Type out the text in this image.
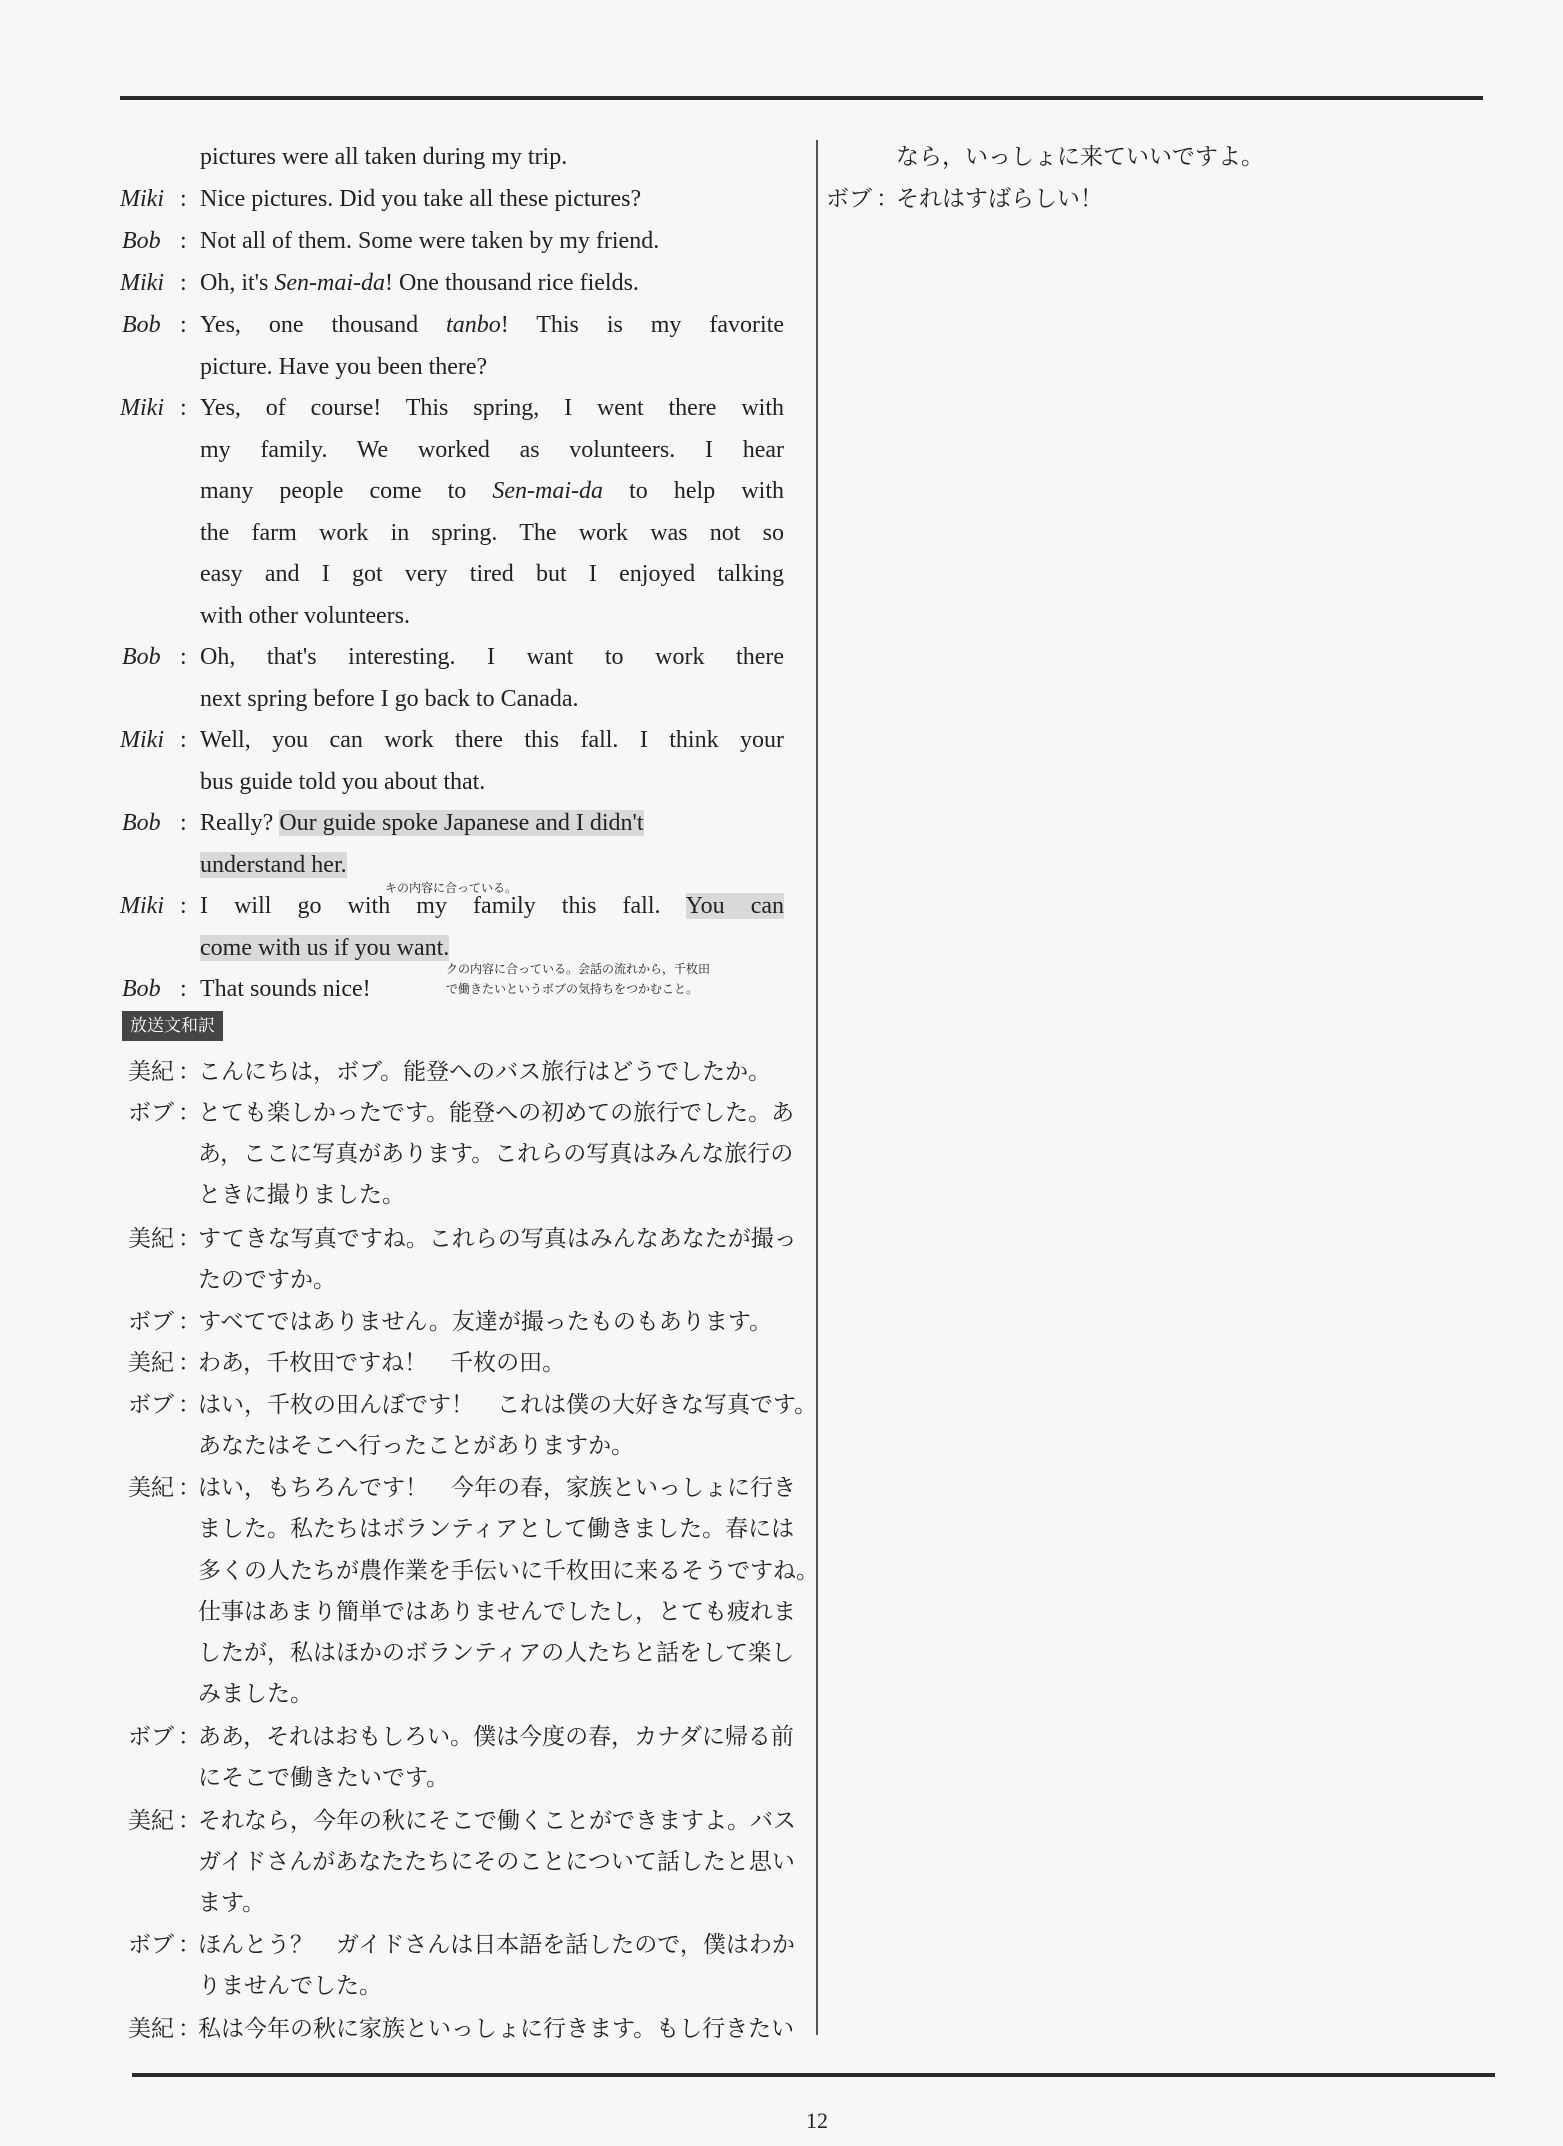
pictures were all taken during my trip.
Miki : Nice pictures. Did you take all these pictures?
Bob : Not all of them. Some were taken by my friend.
Miki : Oh, it's Sen-mai-da! One thousand rice fields.
Bob : Yes, one thousand tanbo! This is my favorite
picture. Have you been there?
Miki : Yes, of course! This spring, I went there with
my family. We worked as volunteers. I hear
many people come to Sen-mai-da to help with
the farm work in spring. The work was not so
easy and I got very tired but I enjoyed talking
with other volunteers.
Bob : Oh, that's interesting. I want to work there
next spring before I go back to Canada.
Miki : Well, you can work there this fall. I think your
bus guide told you about that.
Bob : Really? Our guide spoke Japanese and I didn't
understand her.
キの内容に合っている。
Miki : I will go with my family this fall. You can
come with us if you want.
クの内容に合っている。会話の流れから，千枚田
で働きたいというボブの気持ちをつかむこと。
Bob : That sounds nice!
放送文和訳
美紀 ：
こんにちは，ボブ。能登へのバス旅行はどうでしたか。
ボブ ：
とても楽しかったです。能登への初めての旅行でした。あ
あ，ここに写真があります。これらの写真はみんな旅行の
ときに撮りました。
美紀 ：
すてきな写真ですね。これらの写真はみんなあなたが撮っ
たのですか。
ボブ ：
すべてではありません。友達が撮ったものもあります。
美紀 ：
わあ，千枚田ですね！　千枚の田。
ボブ ：
はい，千枚の田んぼです！　これは僕の大好きな写真です。
あなたはそこへ行ったことがありますか。
美紀 ：
はい，もちろんです！　今年の春，家族といっしょに行き
ました。私たちはボランティアとして働きました。春には
多くの人たちが農作業を手伝いに千枚田に来るそうですね。
仕事はあまり簡単ではありませんでしたし，とても疲れま
したが，私はほかのボランティアの人たちと話をして楽し
みました。
ボブ ：
ああ，それはおもしろい。僕は今度の春，カナダに帰る前
にそこで働きたいです。
美紀 ：
それなら，今年の秋にそこで働くことができますよ。バス
ガイドさんがあなたたちにそのことについて話したと思い
ます。
ボブ ：
ほんとう？　ガイドさんは日本語を話したので，僕はわか
りませんでした。
美紀 ：
私は今年の秋に家族といっしょに行きます。もし行きたい
なら，いっしょに来ていいですよ。
ボブ ：
それはすばらしい！
12
